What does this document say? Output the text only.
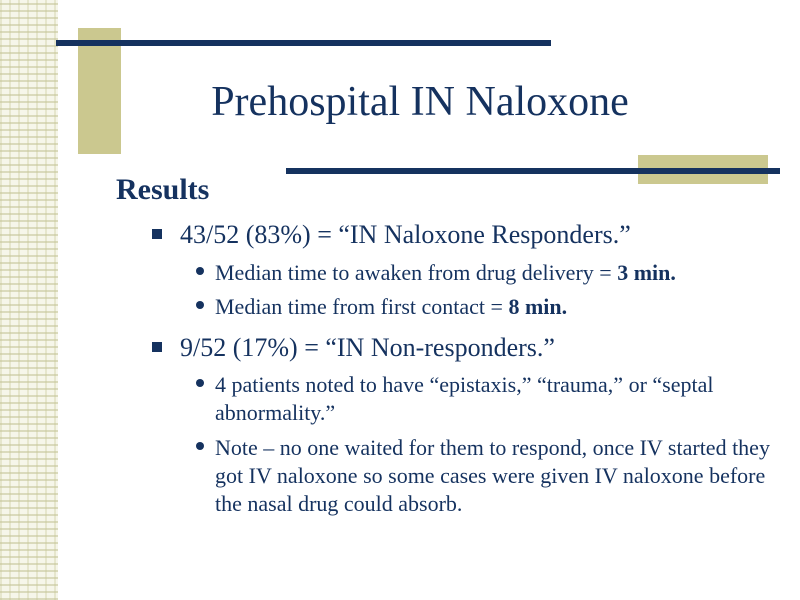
Prehospital IN Naloxone
Results
43/52 (83%) = “IN Naloxone Responders.”
Median time to awaken from drug delivery = 3 min.
Median time from first contact = 8 min.
9/52 (17%) = “IN Non-responders.”
4 patients noted to have “epistaxis,” “trauma,” or “septal abnormality.”
Note – no one waited for them to respond, once IV started they got IV naloxone so some cases were given IV naloxone before the nasal drug could absorb.
